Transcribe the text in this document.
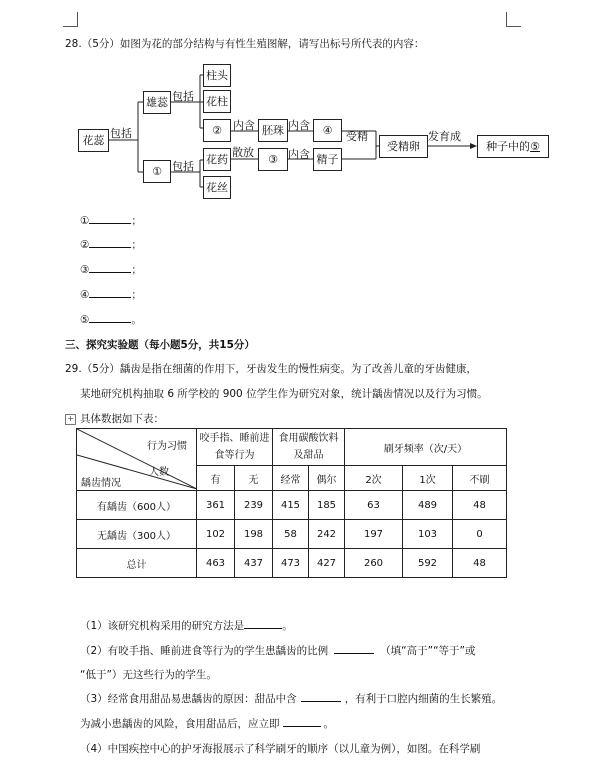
28.（5分）如图为花的部分结构与有性生殖图解，请写出标号所代表的内容：
花蕊
雄蕊
柱头
花柱
②	胚珠	④
受精卵	种子中的⑤
①
花药	③	精子
花丝
包括
包括
包括
内含	内含
受精	发育成
散放	内含
①	；
②	；
③	；
④	；
⑤	。
三、探究实验题（每小题5分，共15分）
29.（5分）龋齿是指在细菌的作用下，牙齿发生的慢性病变。为了改善儿童的牙齿健康，
某地研究机构抽取 6 所学校的 900 位学生作为研究对象，统计龋齿情况以及行为习惯。
具体数据如下表：
+
行为习惯
人数
龋齿情况	咬手指、睡前进食等行为		食用碳酸饮料及甜品		刷牙频率（次/天）		
	有	无	经常	偶尔	2次	1次	不刷
有龋齿（600人）	361	239	415	185	63	489	48
无龋齿（300人）	102	198	58	242	197	103	0
总计	463	437	473	427	260	592	48
（1）该研究机构采用的研究方法是	。
（2）有咬手指、睡前进食等行为的学生患龋齿的比例	（填“高于”“等于”或
“低于”）无这些行为的学生。
（3）经常食用甜品易患龋齿的原因：甜品中含	，有利于口腔内细菌的生长繁殖。
为减小患龋齿的风险，食用甜品后，应立即	。
（4）中国疾控中心的护牙海报展示了科学刷牙的顺序（以儿童为例），如图。在科学刷
